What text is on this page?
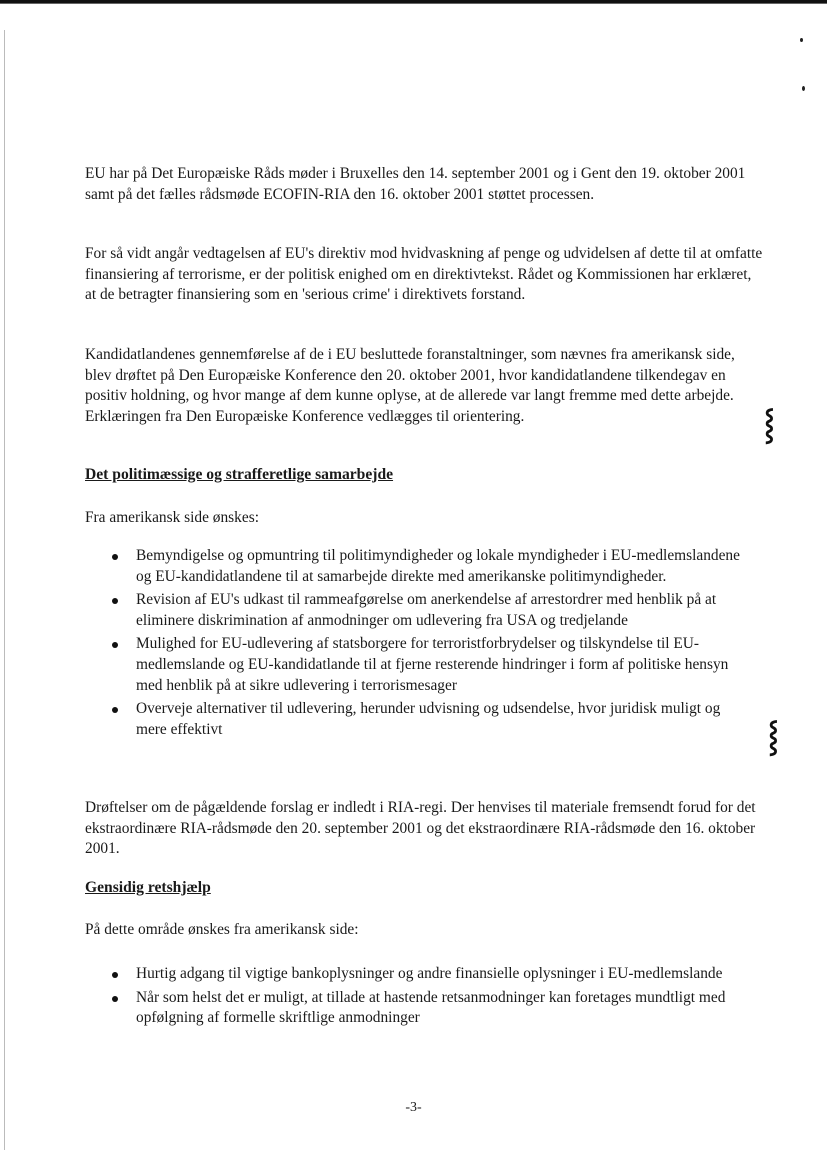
⸾
⸾

EU har på Det Europæiske Råds møder i Bruxelles den 14. september 2001 og i Gent den 19. oktober 2001 samt på det fælles rådsmøde ECOFIN-RIA den 16. oktober 2001 støttet processen.

For så vidt angår vedtagelsen af EU's direktiv mod hvidvaskning af penge og udvidelsen af dette til at omfatte finansiering af terrorisme, er der politisk enighed om en direktivtekst. Rådet og Kommissionen har erklæret, at de betragter finansiering som en 'serious crime' i direktivets forstand.

Kandidatlandenes gennemførelse af de i EU besluttede foranstaltninger, som nævnes fra amerikansk side, blev drøftet på Den Europæiske Konference den 20. oktober 2001, hvor kandidatlandene tilkendegav en positiv holdning, og hvor mange af dem kunne oplyse, at de allerede var langt fremme med dette arbejde. Erklæringen fra Den Europæiske Konference vedlægges til orientering.

Det politimæssige og strafferetlige samarbejde

Fra amerikansk side ønskes:

Bemyndigelse og opmuntring til politimyndigheder og lokale myndigheder i EU-medlemslandene og EU-kandidatlandene til at samarbejde direkte med amerikanske politimyndigheder.
Revision af EU's udkast til rammeafgørelse om anerkendelse af arrestordrer med henblik på at eliminere diskrimination af anmodninger om udlevering fra USA og tredjelande
Mulighed for EU-udlevering af statsborgere for terroristforbrydelser og tilskyndelse til EU-medlemslande og EU-kandidatlande til at fjerne resterende hindringer i form af politiske hensyn med henblik på at sikre udlevering i terrorismesager
Overveje alternativer til udlevering, herunder udvisning og udsendelse, hvor juridisk muligt og mere effektivt

Drøftelser om de pågældende forslag er indledt i RIA-regi. Der henvises til materiale fremsendt forud for det ekstraordinære RIA-rådsmøde den 20. september 2001 og det ekstraordinære RIA-rådsmøde den 16. oktober 2001.

Gensidig retshjælp

På dette område ønskes fra amerikansk side:

Hurtig adgang til vigtige bankoplysninger og andre finansielle oplysninger i EU-medlemslande
Når som helst det er muligt, at tillade at hastende retsanmodninger kan foretages mundtligt med opfølgning af formelle skriftlige anmodninger
-3-
